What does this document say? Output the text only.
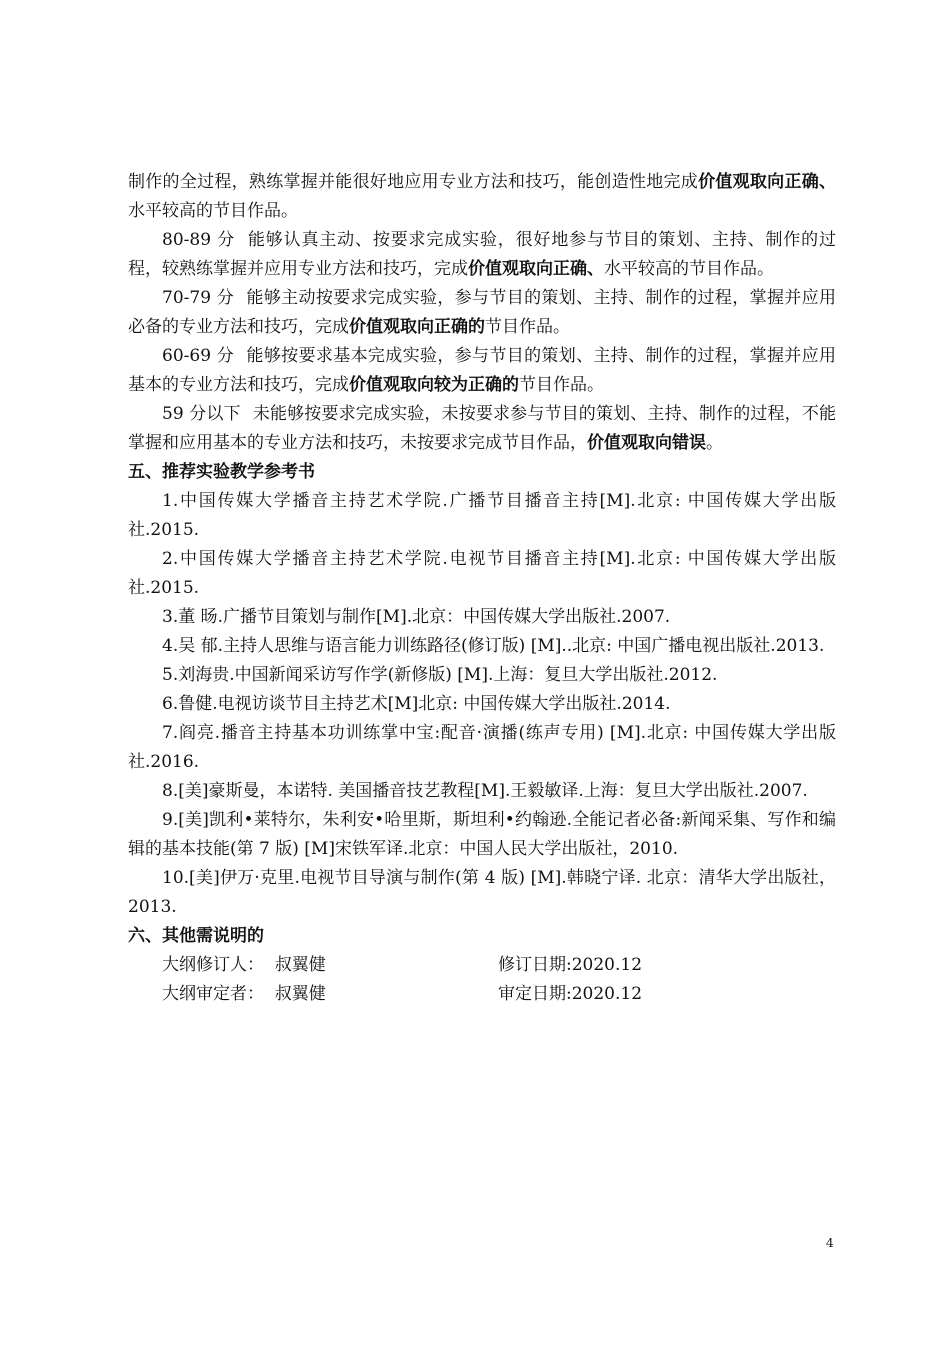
制作的全过程，熟练掌握并能很好地应用专业方法和技巧，能创造性地完成价值观取向正确、水平较高的节目作品。

80-89 分 能够认真主动、按要求完成实验，很好地参与节目的策划、主持、制作的过程，较熟练掌握并应用专业方法和技巧，完成价值观取向正确、水平较高的节目作品。

70-79 分 能够主动按要求完成实验，参与节目的策划、主持、制作的过程，掌握并应用必备的专业方法和技巧，完成价值观取向正确的节目作品。

60-69 分 能够按要求基本完成实验，参与节目的策划、主持、制作的过程，掌握并应用基本的专业方法和技巧，完成价值观取向较为正确的节目作品。

59 分以下 未能够按要求完成实验，未按要求参与节目的策划、主持、制作的过程，不能掌握和应用基本的专业方法和技巧，未按要求完成节目作品，价值观取向错误。

五、推荐实验教学参考书

1.中国传媒大学播音主持艺术学院.广播节目播音主持[M].北京: 中国传媒大学出版社.2015.

2.中国传媒大学播音主持艺术学院.电视节目播音主持[M].北京: 中国传媒大学出版社.2015.

3.董 旸.广播节目策划与制作[M].北京：中国传媒大学出版社.2007.

4.吴 郁.主持人思维与语言能力训练路径(修订版) [M]..北京: 中国广播电视出版社.2013.

5.刘海贵.中国新闻采访写作学(新修版) [M].上海：复旦大学出版社.2012.

6.鲁健.电视访谈节目主持艺术[M]北京: 中国传媒大学出版社.2014.

7.阎亮.播音主持基本功训练掌中宝:配音·演播(练声专用) [M].北京: 中国传媒大学出版社.2016.

8.[美]豪斯曼，本诺特. 美国播音技艺教程[M].王毅敏译.上海：复旦大学出版社.2007.

9.[美]凯利•莱特尔，朱利安•哈里斯，斯坦利•约翰逊.全能记者必备:新闻采集、写作和编辑的基本技能(第 7 版) [M]宋铁军译.北京：中国人民大学出版社，2010.

10.[美]伊万·克里.电视节目导演与制作(第 4 版) [M].韩晓宁译. 北京：清华大学出版社，2013.

六、其他需说明的

大纲修订人： 叔翼健	修订日期:2020.12
大纲审定者： 叔翼健	审定日期:2020.12
4
